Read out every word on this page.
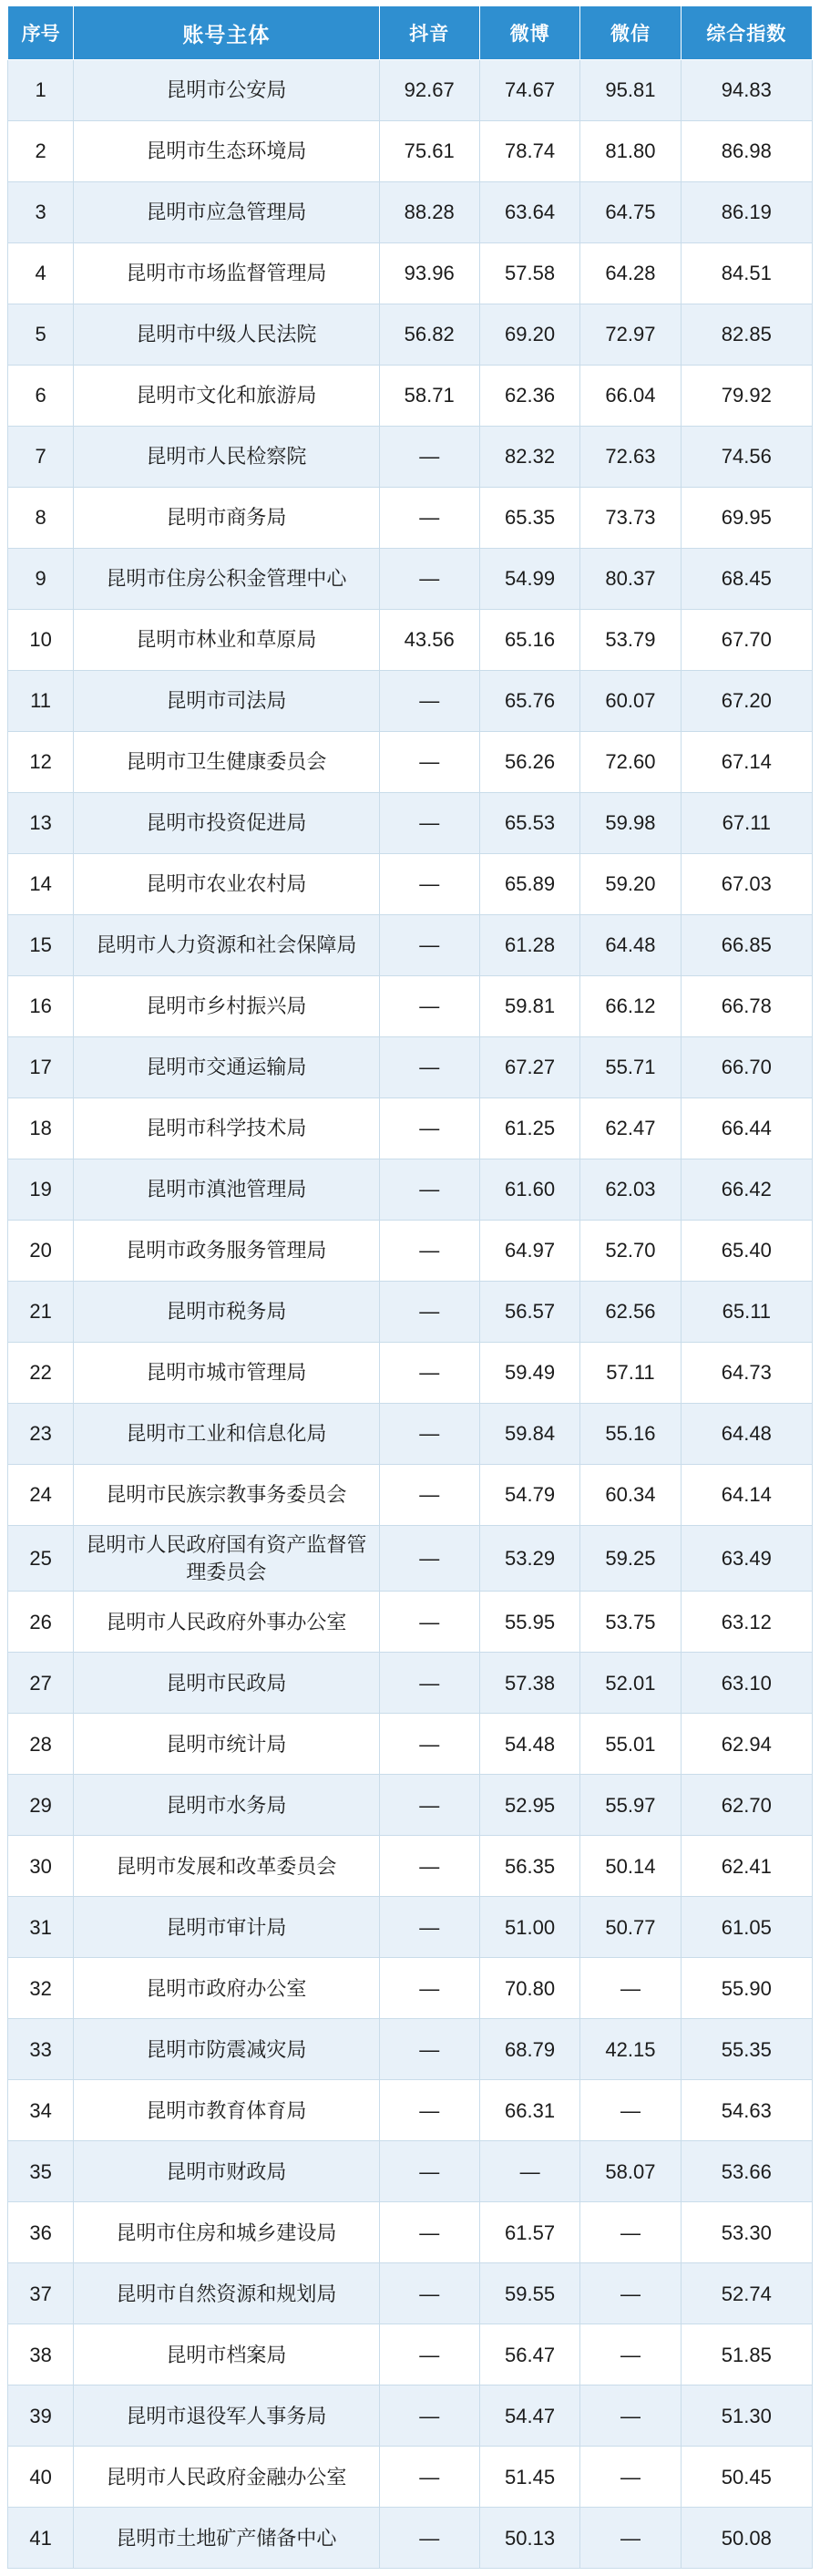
序号	账号主体	抖音	微博	微信	综合指数
1	昆明市公安局	92.67	74.67	95.81	94.83
2	昆明市生态环境局	75.61	78.74	81.80	86.98
3	昆明市应急管理局	88.28	63.64	64.75	86.19
4	昆明市市场监督管理局	93.96	57.58	64.28	84.51
5	昆明市中级人民法院	56.82	69.20	72.97	82.85
6	昆明市文化和旅游局	58.71	62.36	66.04	79.92
7	昆明市人民检察院	—	82.32	72.63	74.56
8	昆明市商务局	—	65.35	73.73	69.95
9	昆明市住房公积金管理中心	—	54.99	80.37	68.45
10	昆明市林业和草原局	43.56	65.16	53.79	67.70
11	昆明市司法局	—	65.76	60.07	67.20
12	昆明市卫生健康委员会	—	56.26	72.60	67.14
13	昆明市投资促进局	—	65.53	59.98	67.11
14	昆明市农业农村局	—	65.89	59.20	67.03
15	昆明市人力资源和社会保障局	—	61.28	64.48	66.85
16	昆明市乡村振兴局	—	59.81	66.12	66.78
17	昆明市交通运输局	—	67.27	55.71	66.70
18	昆明市科学技术局	—	61.25	62.47	66.44
19	昆明市滇池管理局	—	61.60	62.03	66.42
20	昆明市政务服务管理局	—	64.97	52.70	65.40
21	昆明市税务局	—	56.57	62.56	65.11
22	昆明市城市管理局	—	59.49	57.11	64.73
23	昆明市工业和信息化局	—	59.84	55.16	64.48
24	昆明市民族宗教事务委员会	—	54.79	60.34	64.14
25	昆明市人民政府国有资产监督管理委员会	—	53.29	59.25	63.49
26	昆明市人民政府外事办公室	—	55.95	53.75	63.12
27	昆明市民政局	—	57.38	52.01	63.10
28	昆明市统计局	—	54.48	55.01	62.94
29	昆明市水务局	—	52.95	55.97	62.70
30	昆明市发展和改革委员会	—	56.35	50.14	62.41
31	昆明市审计局	—	51.00	50.77	61.05
32	昆明市政府办公室	—	70.80	—	55.90
33	昆明市防震减灾局	—	68.79	42.15	55.35
34	昆明市教育体育局	—	66.31	—	54.63
35	昆明市财政局	—	—	58.07	53.66
36	昆明市住房和城乡建设局	—	61.57	—	53.30
37	昆明市自然资源和规划局	—	59.55	—	52.74
38	昆明市档案局	—	56.47	—	51.85
39	昆明市退役军人事务局	—	54.47	—	51.30
40	昆明市人民政府金融办公室	—	51.45	—	50.45
41	昆明市土地矿产储备中心	—	50.13	—	50.08
